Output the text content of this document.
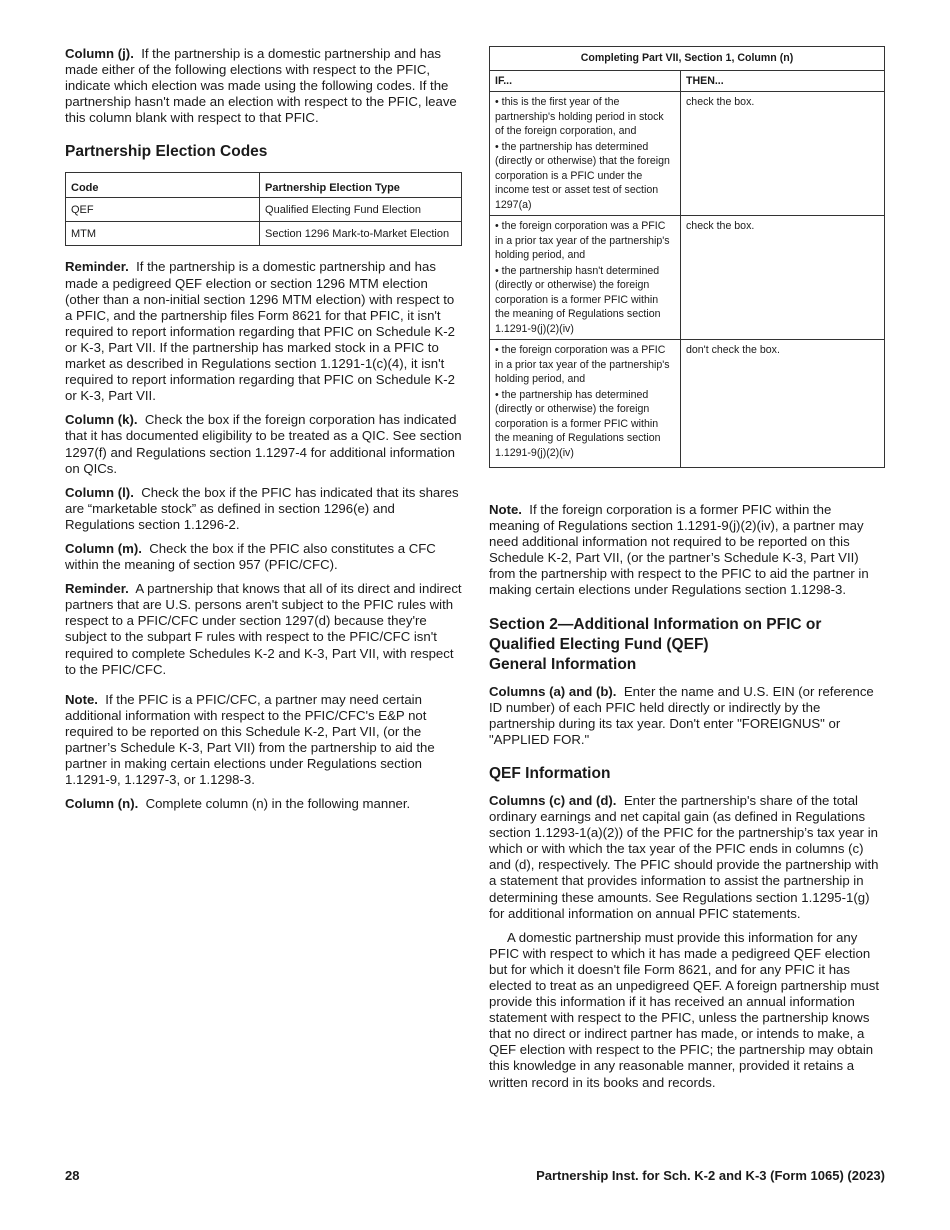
Column (j). If the partnership is a domestic partnership and has made either of the following elections with respect to the PFIC, indicate which election was made using the following codes. If the partnership hasn't made an election with respect to the PFIC, leave this column blank with respect to that PFIC.

Partnership Election Codes
Code	Partnership Election Type
QEF	Qualified Electing Fund Election
MTM	Section 1296 Mark-to-Market Election

Reminder. If the partnership is a domestic partnership and has made a pedigreed QEF election or section 1296 MTM election (other than a non-initial section 1296 MTM election) with respect to a PFIC, and the partnership files Form 8621 for that PFIC, it isn't required to report information regarding that PFIC on Schedule K-2 or K-3, Part VII. If the partnership has marked stock in a PFIC to market as described in Regulations section 1.1291-1(c)(4), it isn't required to report information regarding that PFIC on Schedule K-2 or K-3, Part VII.

Column (k). Check the box if the foreign corporation has indicated that it has documented eligibility to be treated as a QIC. See section 1297(f) and Regulations section 1.1297-4 for additional information on QICs.

Column (l). Check the box if the PFIC has indicated that its shares are “marketable stock” as defined in section 1296(e) and Regulations section 1.1296-2.

Column (m). Check the box if the PFIC also constitutes a CFC within the meaning of section 957 (PFIC/CFC).

Reminder. A partnership that knows that all of its direct and indirect partners that are U.S. persons aren't subject to the PFIC rules with respect to a PFIC/CFC under section 1297(d) because they're subject to the subpart F rules with respect to the PFIC/CFC isn't required to complete Schedules K-2 and K-3, Part VII, with respect to the PFIC/CFC.

Note. If the PFIC is a PFIC/CFC, a partner may need certain additional information with respect to the PFIC/CFC's E&P not required to be reported on this Schedule K-2, Part VII, (or the partner’s Schedule K-3, Part VII) from the partnership to aid the partner in making certain elections under Regulations section 1.1291-9, 1.1297-3, or 1.1298-3.

Column (n). Complete column (n) in the following manner.

Completing Part VII, Section 1, Column (n)	
IF...	THEN...

• this is the first year of the partnership's holding period in stock of the foreign corporation, and
• the partnership has determined (directly or otherwise) that the foreign corporation is a PFIC under the income test or asset test of section 1297(a)	check the box.

• the foreign corporation was a PFIC in a prior tax year of the partnership's holding period, and
• the partnership hasn't determined (directly or otherwise) the foreign corporation is a former PFIC within the meaning of Regulations section 1.1291-9(j)(2)(iv)	check the box.

• the foreign corporation was a PFIC in a prior tax year of the partnership's holding period, and
• the partnership has determined (directly or otherwise) the foreign corporation is a former PFIC within the meaning of Regulations section 1.1291-9(j)(2)(iv)	don't check the box.

Note. If the foreign corporation is a former PFIC within the meaning of Regulations section 1.1291-9(j)(2)(iv), a partner may need additional information not required to be reported on this Schedule K-2, Part VII, (or the partner’s Schedule K-3, Part VII) from the partnership with respect to the PFIC to aid the partner in making certain elections under Regulations section 1.1298-3.

Section 2—Additional Information on PFIC or
Qualified Electing Fund (QEF)
General Information

Columns (a) and (b). Enter the name and U.S. EIN (or reference ID number) of each PFIC held directly or indirectly by the partnership during its tax year. Don't enter "FOREIGNUS" or "APPLIED FOR."

QEF Information

Columns (c) and (d). Enter the partnership's share of the total ordinary earnings and net capital gain (as defined in Regulations section 1.1293-1(a)(2)) of the PFIC for the partnership’s tax year in which or with which the tax year of the PFIC ends in columns (c) and (d), respectively. The PFIC should provide the partnership with a statement that provides information to assist the partnership in determining these amounts. See Regulations section 1.1295-1(g) for additional information on annual PFIC statements.

A domestic partnership must provide this information for any PFIC with respect to which it has made a pedigreed QEF election but for which it doesn't file Form 8621, and for any PFIC it has elected to treat as an unpedigreed QEF. A foreign partnership must provide this information if it has received an annual information statement with respect to the PFIC, unless the partnership knows that no direct or indirect partner has made, or intends to make, a QEF election with respect to the PFIC; the partnership may obtain this knowledge in any reasonable manner, provided it retains a written record in its books and records.

28	Partnership Inst. for Sch. K-2 and K-3 (Form 1065) (2023)
